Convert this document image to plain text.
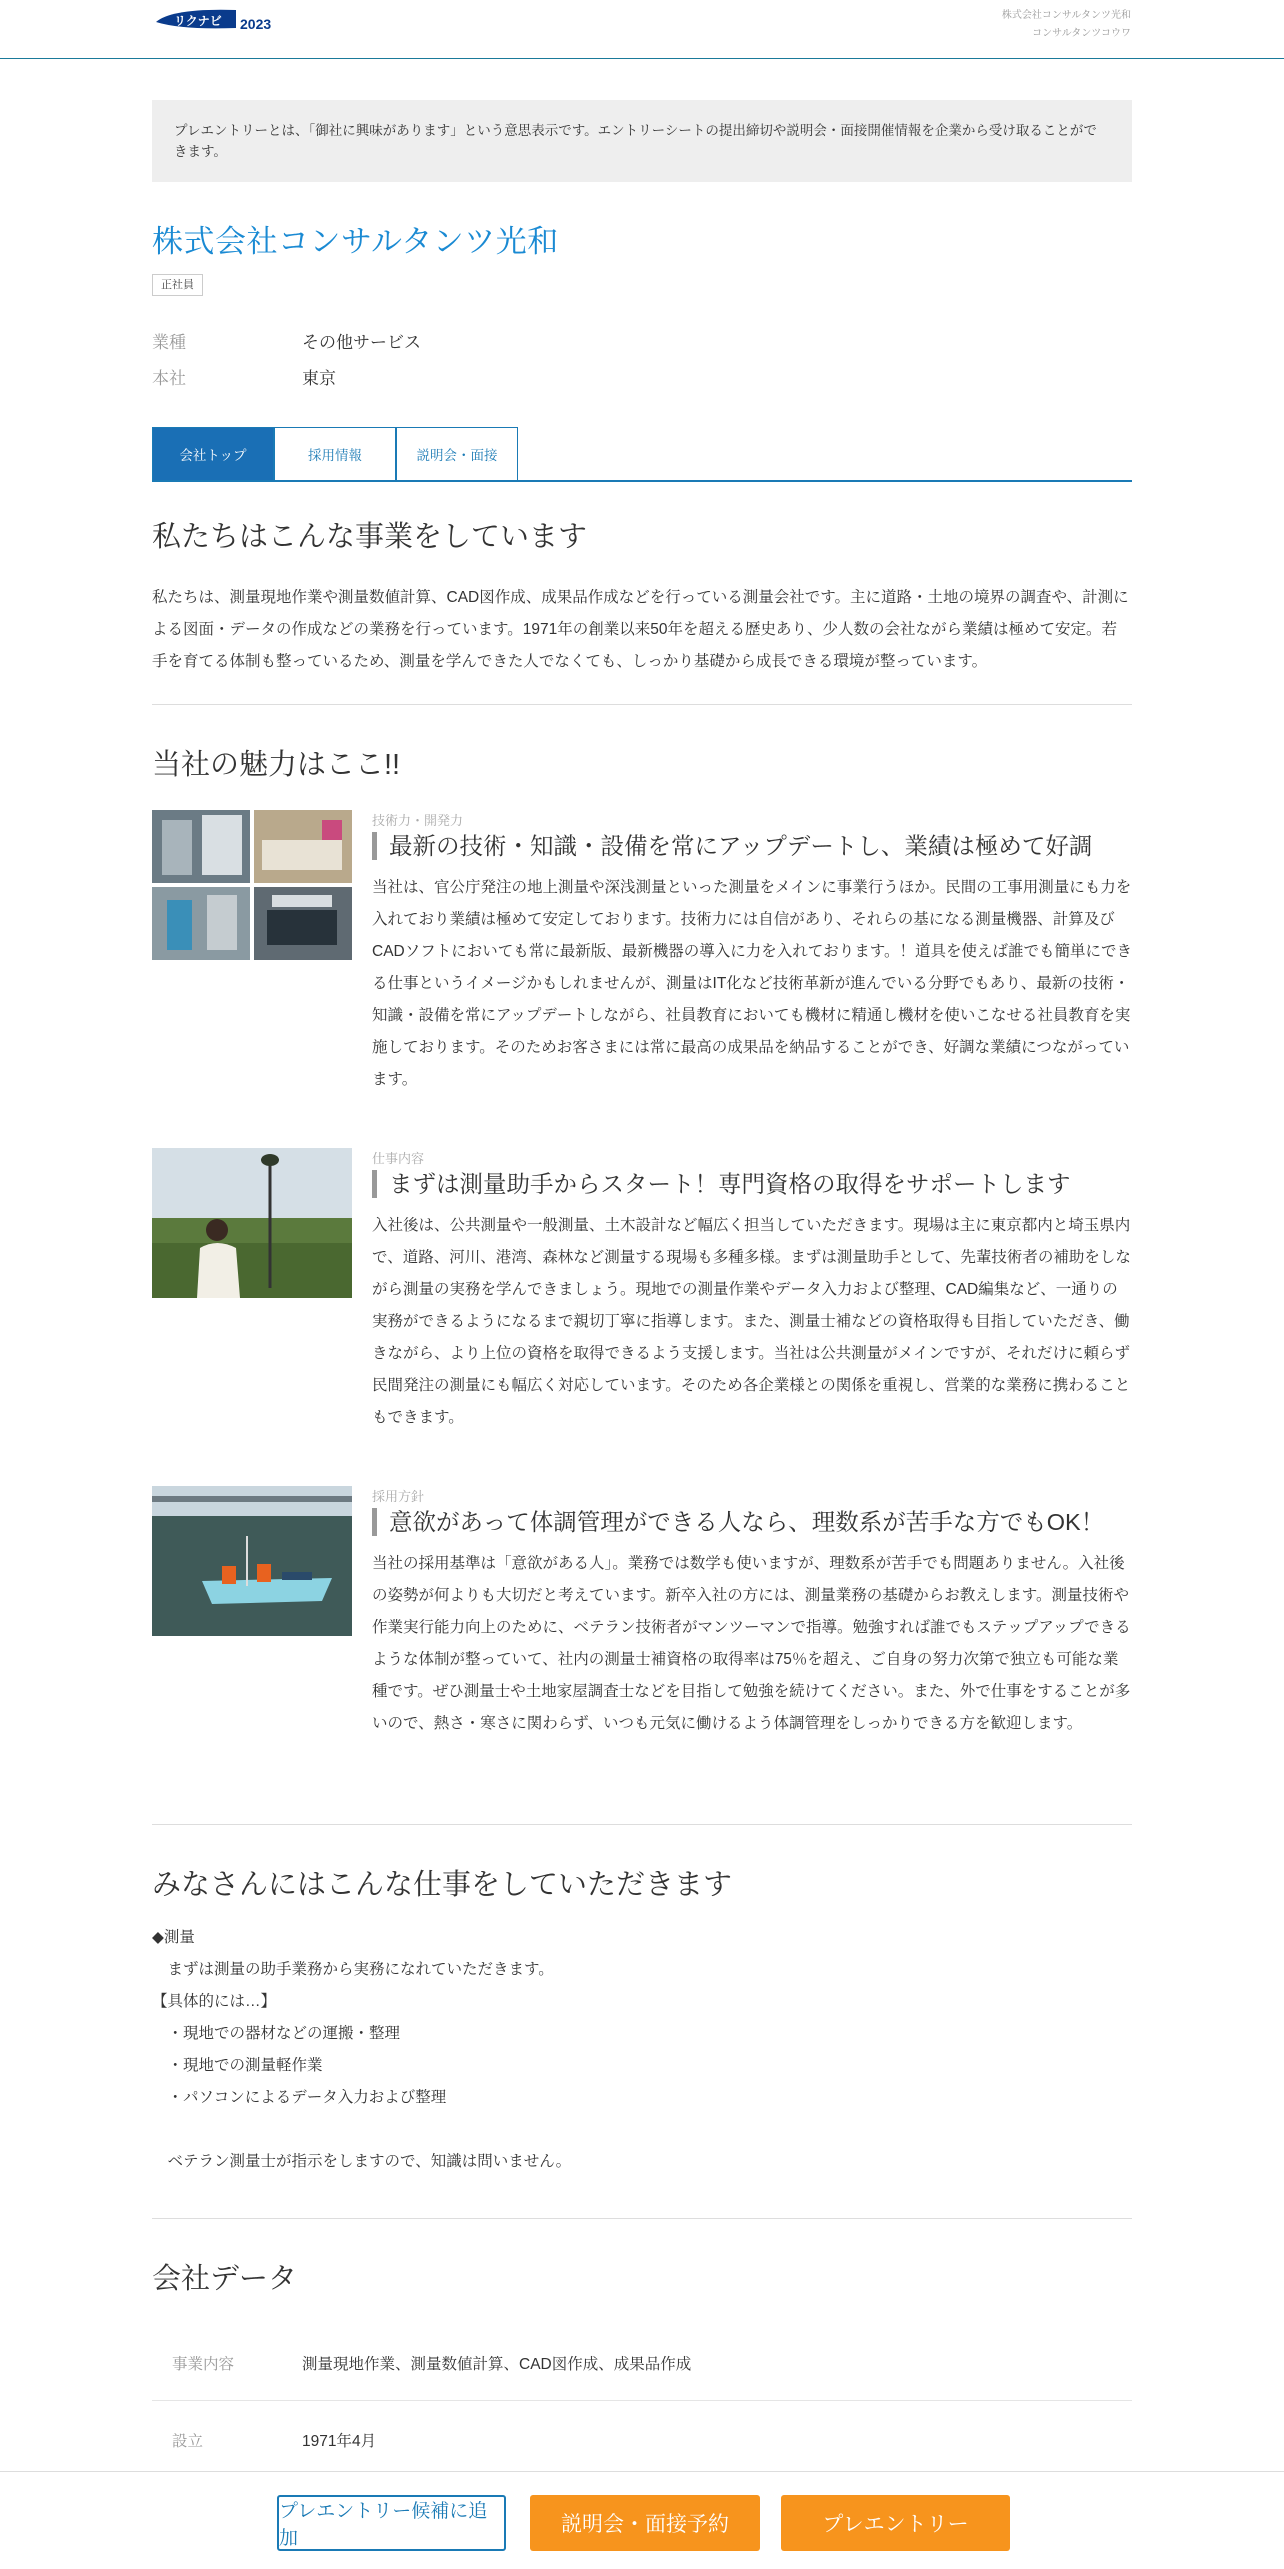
リクナビ 2023
株式会社コンサルタンツ光和
コンサルタンツコウワ
プレエントリーとは、「御社に興味があります」という意思表示です。エントリーシートの提出締切や説明会・面接開催情報を企業から受け取ることができます。
株式会社コンサルタンツ光和
正社員
業種	その他サービス
本社	東京
会社トップ	採用情報	説明会・面接
私たちはこんな事業をしています
私たちは、測量現地作業や測量数値計算、CAD図作成、成果品作成などを行っている測量会社です。主に道路・土地の境界の調査や、計測による図面・データの作成などの業務を行っています。1971年の創業以来50年を超える歴史あり、少人数の会社ながら業績は極めて安定。若手を育てる体制も整っているため、測量を学んできた人でなくても、しっかり基礎から成長できる環境が整っています。
当社の魅力はここ!!
技術力・開発力
最新の技術・知識・設備を常にアップデートし、業績は極めて好調
当社は、官公庁発注の地上測量や深浅測量といった測量をメインに事業行うほか。民間の工事用測量にも力を入れており業績は極めて安定しております。技術力には自信があり、それらの基になる測量機器、計算及びCADソフトにおいても常に最新版、最新機器の導入に力を入れております。！道具を使えば誰でも簡単にできる仕事というイメージかもしれませんが、測量はIT化など技術革新が進んでいる分野でもあり、最新の技術・知識・設備を常にアップデートしながら、社員教育においても機材に精通し機材を使いこなせる社員教育を実施しております。そのためお客さまには常に最高の成果品を納品することができ、好調な業績につながっています。
仕事内容
まずは測量助手からスタート！専門資格の取得をサポートします
入社後は、公共測量や一般測量、土木設計など幅広く担当していただきます。現場は主に東京都内と埼玉県内で、道路、河川、港湾、森林など測量する現場も多種多様。まずは測量助手として、先輩技術者の補助をしながら測量の実務を学んできましょう。現地での測量作業やデータ入力および整理、CAD編集など、一通りの実務ができるようになるまで親切丁寧に指導します。また、測量士補などの資格取得も目指していただき、働きながら、より上位の資格を取得できるよう支援します。当社は公共測量がメインですが、それだけに頼らず民間発注の測量にも幅広く対応しています。そのため各企業様との関係を重視し、営業的な業務に携わることもできます。
採用方針
意欲があって体調管理ができる人なら、理数系が苦手な方でもOK！
当社の採用基準は「意欲がある人」。業務では数学も使いますが、理数系が苦手でも問題ありません。入社後の姿勢が何よりも大切だと考えています。新卒入社の方には、測量業務の基礎からお教えします。測量技術や作業実行能力向上のために、ベテラン技術者がマンツーマンで指導。勉強すれば誰でもステップアップできるような体制が整っていて、社内の測量士補資格の取得率は75％を超え、ご自身の努力次第で独立も可能な業種です。ぜひ測量士や土地家屋調査士などを目指して勉強を続けてください。また、外で仕事をすることが多いので、熱さ・寒さに関わらず、いつも元気に働けるよう体調管理をしっかりできる方を歓迎します。
みなさんにはこんな仕事をしていただきます
◆測量
　まずは測量の助手業務から実務になれていただきます。
【具体的には…】
　・現地での器材などの運搬・整理
　・現地での測量軽作業
　・パソコンによるデータ入力および整理
　ベテラン測量士が指示をしますので、知識は問いません。
会社データ
事業内容	測量現地作業、測量数値計算、CAD図作成、成果品作成
設立	1971年4月
プレエントリー候補に追加
説明会・面接予約	プレエントリー
